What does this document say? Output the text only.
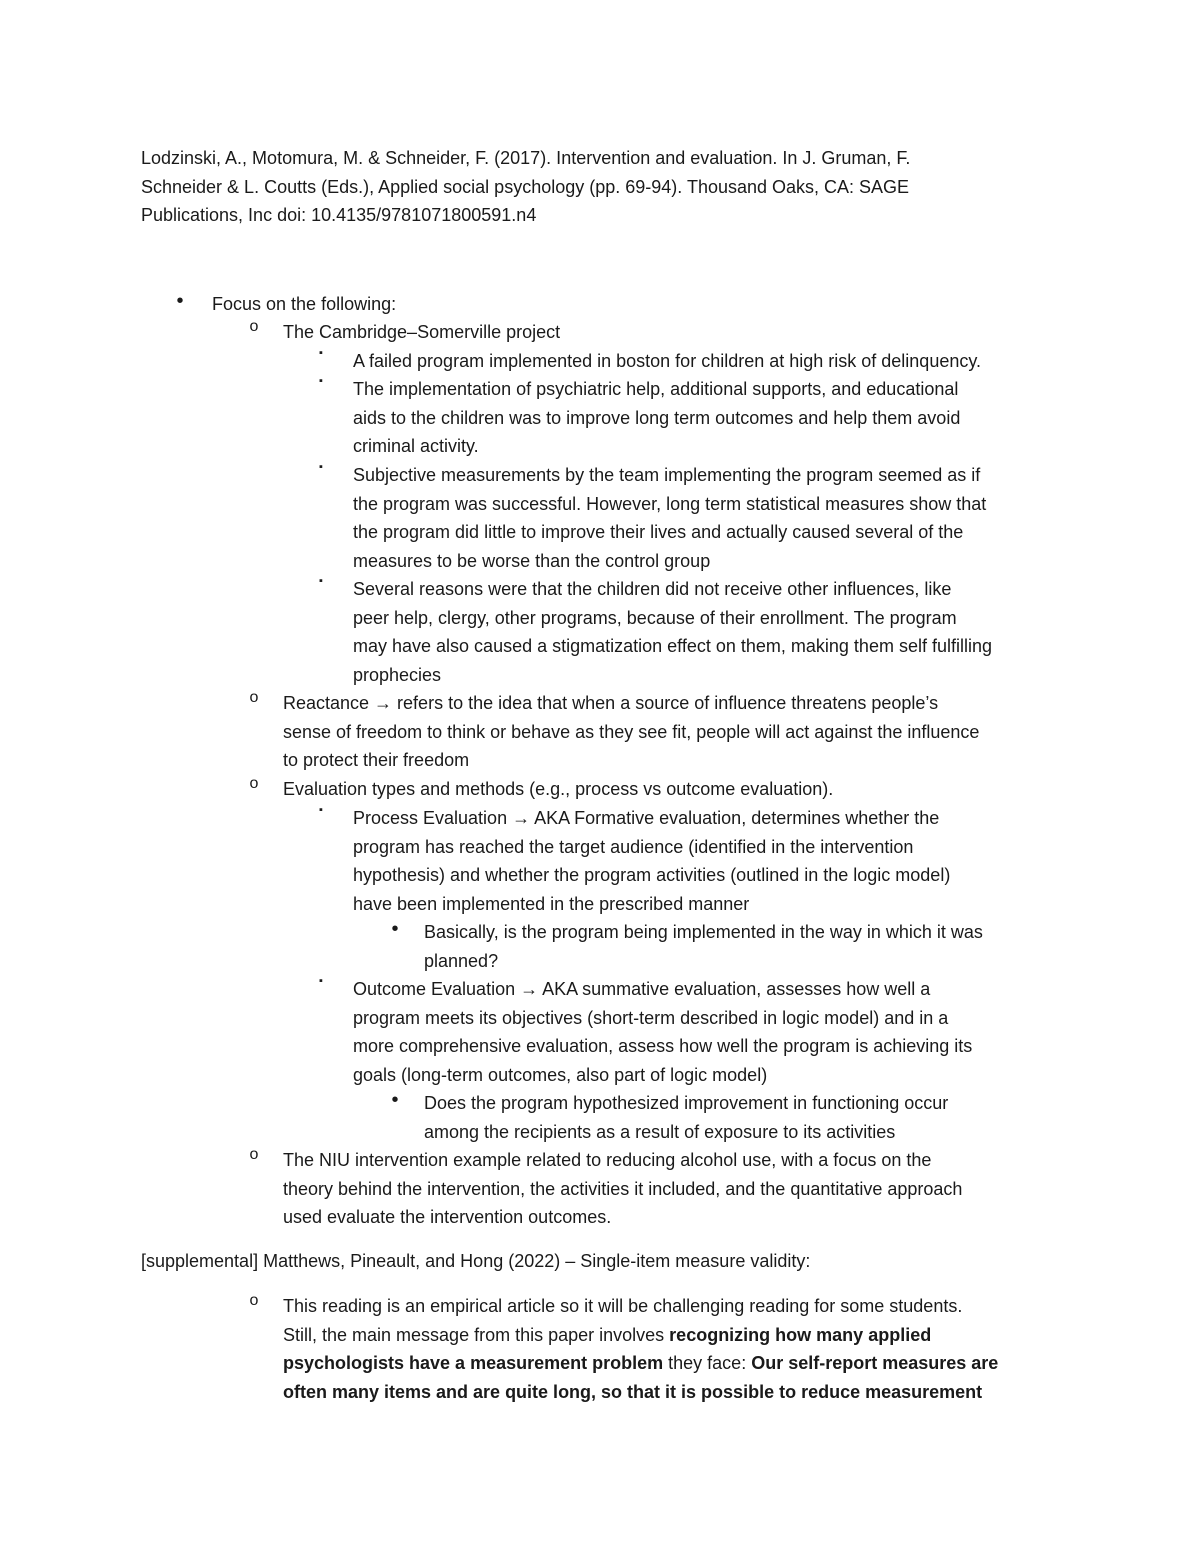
Lodzinski, A., Motomura, M. & Schneider, F. (2017). Intervention and evaluation. In J. Gruman, F.
Schneider & L. Coutts (Eds.), Applied social psychology (pp. 69-94). Thousand Oaks, CA: SAGE
Publications, Inc doi: 10.4135/9781071800591.n4
•	Focus on the following:
o	The Cambridge–Somerville project
▪	A failed program implemented in boston for children at high risk of delinquency.
▪	The implementation of psychiatric help, additional supports, and educational
aids to the children was to improve long term outcomes and help them avoid
criminal activity.
▪	Subjective measurements by the team implementing the program seemed as if
the program was successful. However, long term statistical measures show that
the program did little to improve their lives and actually caused several of the
measures to be worse than the control group
▪	Several reasons were that the children did not receive other influences, like
peer help, clergy, other programs, because of their enrollment. The program
may have also caused a stigmatization effect on them, making them self fulfilling
prophecies
o	Reactance → refers to the idea that when a source of influence threatens people’s
sense of freedom to think or behave as they see fit, people will act against the influence
to protect their freedom
o	Evaluation types and methods (e.g., process vs outcome evaluation).
▪	Process Evaluation → AKA Formative evaluation, determines whether the
program has reached the target audience (identified in the intervention
hypothesis) and whether the program activities (outlined in the logic model)
have been implemented in the prescribed manner
•	Basically, is the program being implemented in the way in which it was
planned?
▪	Outcome Evaluation → AKA summative evaluation, assesses how well a
program meets its objectives (short-term described in logic model) and in a
more comprehensive evaluation, assess how well the program is achieving its
goals (long-term outcomes, also part of logic model)
•	Does the program hypothesized improvement in functioning occur
among the recipients as a result of exposure to its activities
o	The NIU intervention example related to reducing alcohol use, with a focus on the
theory behind the intervention, the activities it included, and the quantitative approach
used evaluate the intervention outcomes.
[supplemental] Matthews, Pineault, and Hong (2022) – Single-item measure validity:
o	This reading is an empirical article so it will be challenging reading for some students.
Still, the main message from this paper involves recognizing how many applied
psychologists have a measurement problem they face: Our self-report measures are
often many items and are quite long, so that it is possible to reduce measurement
